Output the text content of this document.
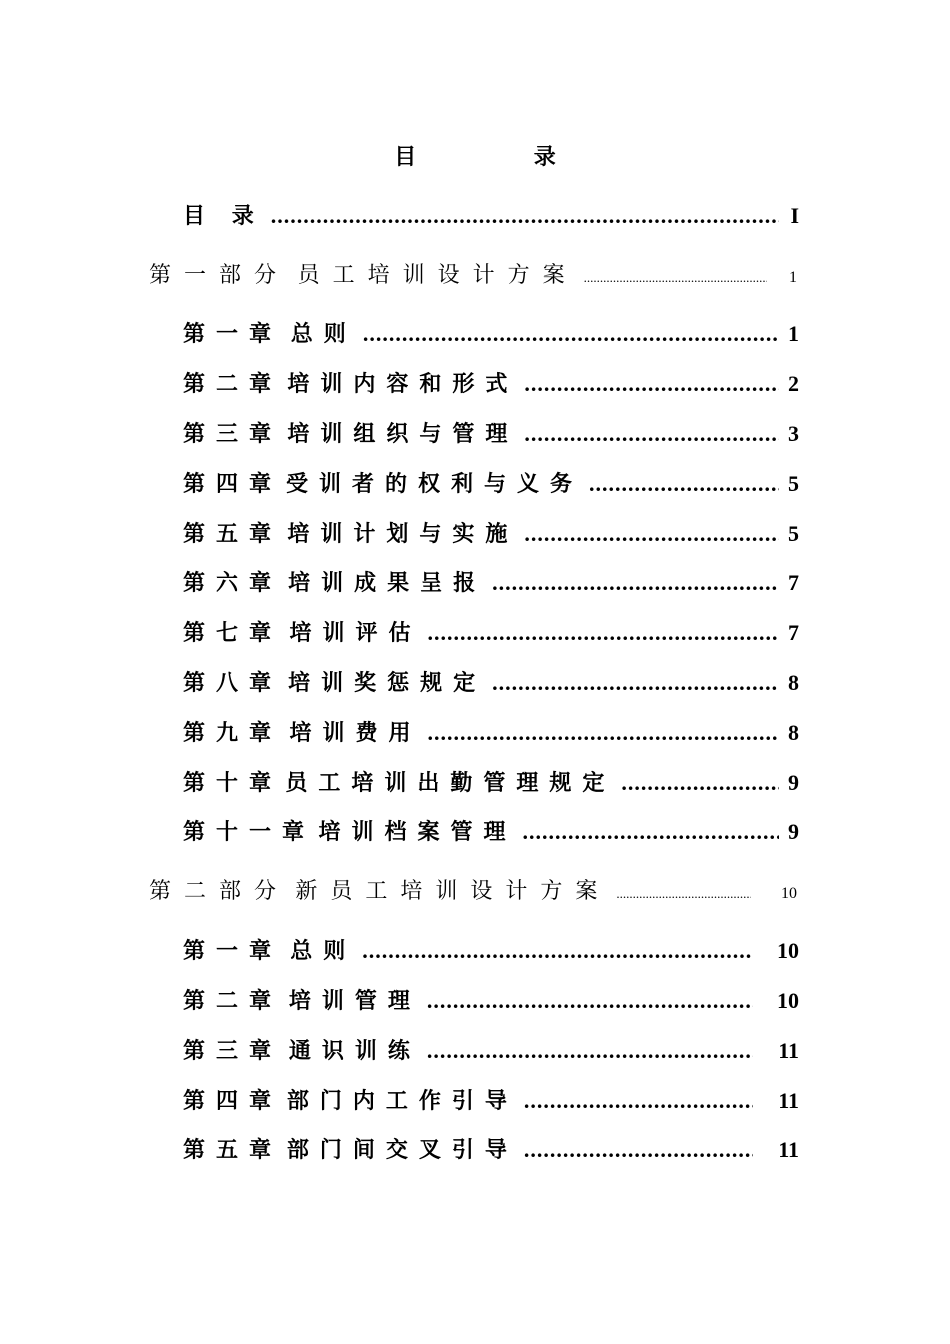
目 录
目 录 .....	I
第一部分 员工培训设计方案 .....	1
第一章 总则 .....	1
第二章 培训内容和形式 .....	2
第三章 培训组织与管理 .....	3
第四章 受训者的权利与义务 .....	5
第五章 培训计划与实施 .....	5
第六章 培训成果呈报 .....	7
第七章 培训评估 .....	7
第八章 培训奖惩规定 .....	8
第九章 培训费用 .....	8
第十章 员工培训出勤管理规定 .....	9
第十一章 培训档案管理 .....	9
第二部分 新员工培训设计方案 .....	10
第一章 总则 .....	10
第二章 培训管理 .....	10
第三章 通识训练 .....	11
第四章 部门内工作引导 .....	11
第五章 部门间交叉引导 .....	11
